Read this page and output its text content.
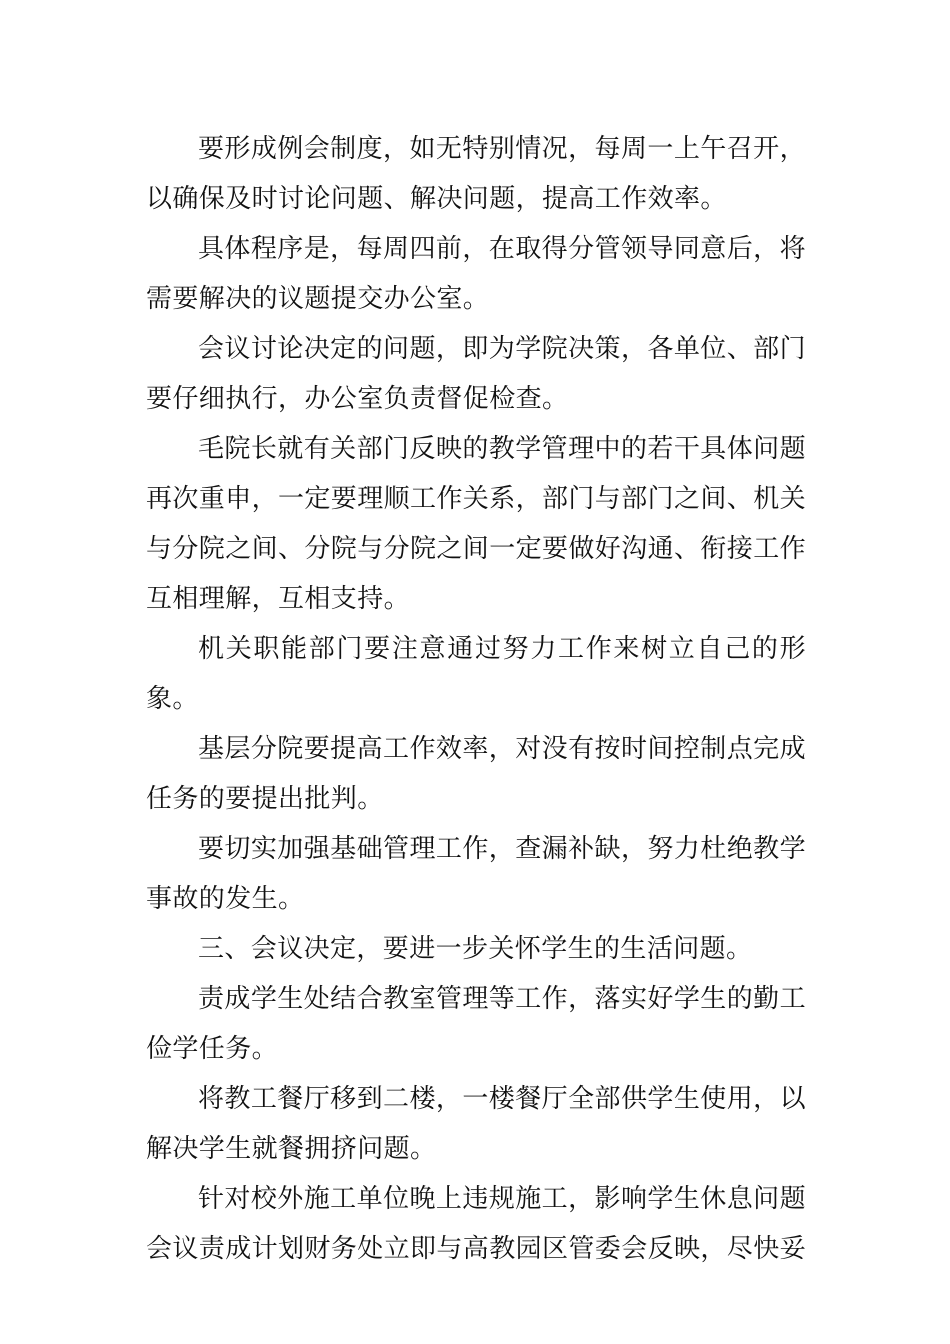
要形成例会制度，如无特别情况，每周一上午召开，以确保及时讨论问题、解决问题，提高工作效率。

具体程序是，每周四前，在取得分管领导同意后，将需要解决的议题提交办公室。

会议讨论决定的问题，即为学院决策，各单位、部门要仔细执行，办公室负责督促检查。

毛院长就有关部门反映的教学管理中的若干具体问题再次重申，一定要理顺工作关系，部门与部门之间、机关与分院之间、分院与分院之间一定要做好沟通、衔接工作互相理解，互相支持。

机关职能部门要注意通过努力工作来树立自己的形象。

基层分院要提高工作效率，对没有按时间控制点完成任务的要提出批判。

要切实加强基础管理工作，查漏补缺，努力杜绝教学事故的发生。

三、会议决定，要进一步关怀学生的生活问题。

责成学生处结合教室管理等工作，落实好学生的勤工俭学任务。

将教工餐厅移到二楼，一楼餐厅全部供学生使用，以解决学生就餐拥挤问题。

针对校外施工单位晚上违规施工，影响学生休息问题会议责成计划财务处立即与高教园区管委会反映，尽快妥
